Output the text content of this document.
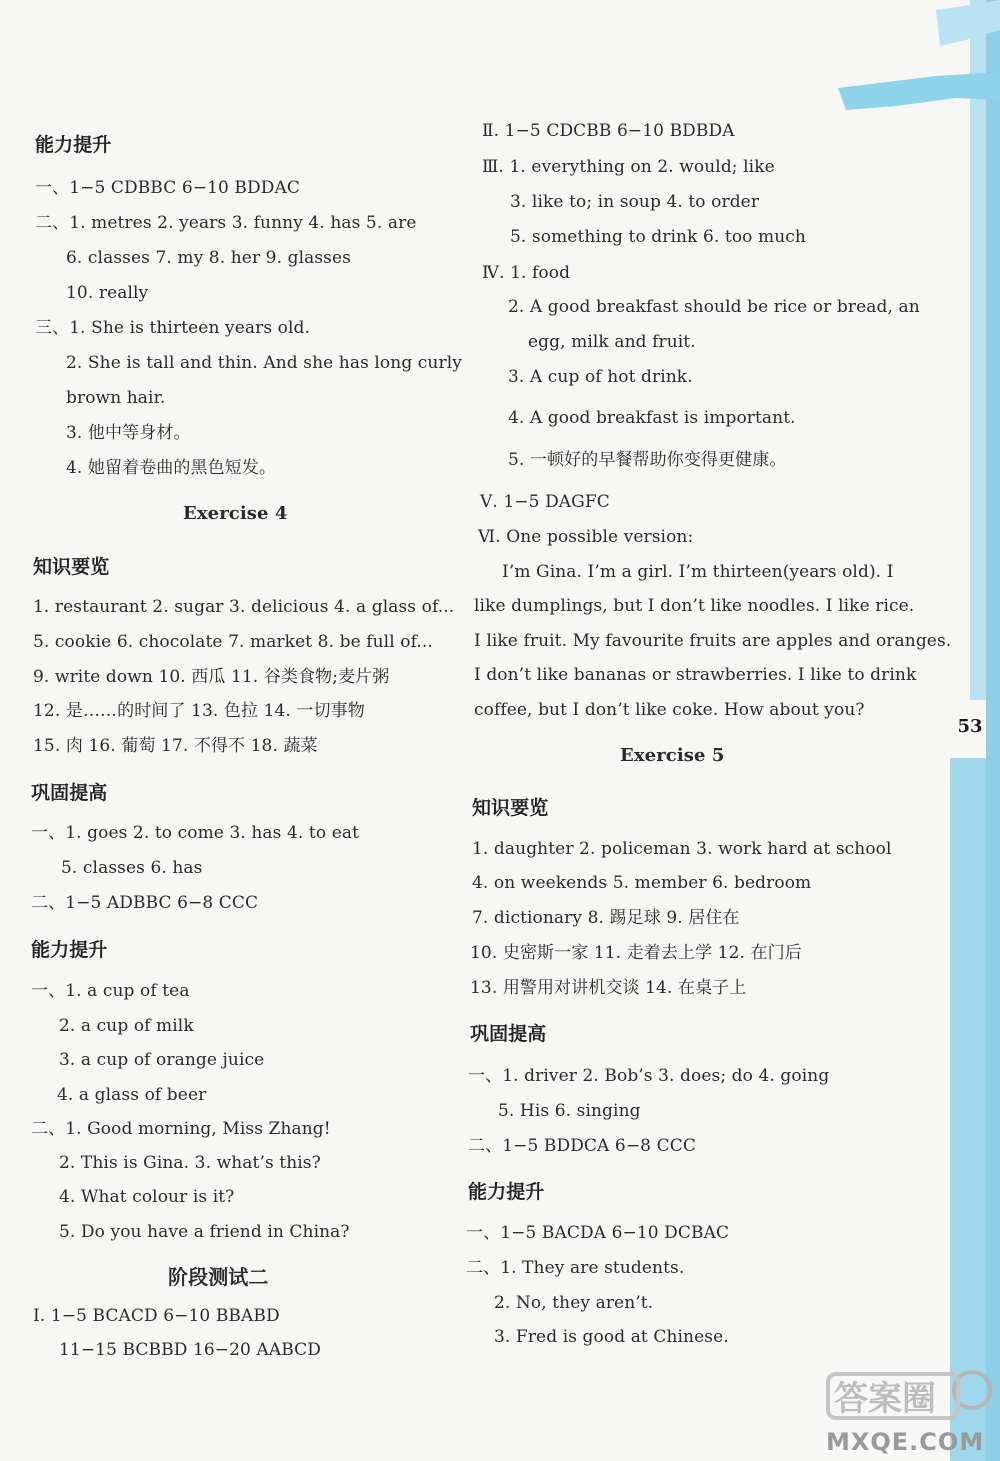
53
能力提升
一、1−5 CDBBC 6−10 BDDAC
二、1. metres 2. years 3. funny 4. has 5. are
6. classes 7. my 8. her 9. glasses
10. really
三、1. She is thirteen years old.
2. She is tall and thin. And she has long curly
brown hair.
3. 他中等身材。
4. 她留着卷曲的黑色短发。
Exercise 4
知识要览
1. restaurant 2. sugar 3. delicious 4. a glass of...
5. cookie 6. chocolate 7. market 8. be full of...
9. write down 10. 西瓜 11. 谷类食物;麦片粥
12. 是……的时间了 13. 色拉 14. 一切事物
15. 肉 16. 葡萄 17. 不得不 18. 蔬菜
巩固提高
一、1. goes 2. to come 3. has 4. to eat
5. classes 6. has
二、1−5 ADBBC 6−8 CCC
能力提升
一、1. a cup of tea
2. a cup of milk
3. a cup of orange juice
4. a glass of beer
二、1. Good morning, Miss Zhang!
2. This is Gina. 3. what’s this?
4. What colour is it?
5. Do you have a friend in China?
阶段测试二
Ⅰ. 1−5 BCACD 6−10 BBABD
11−15 BCBBD 16−20 AABCD
Ⅱ. 1−5 CDCBB 6−10 BDBDA
Ⅲ. 1. everything on 2. would; like
3. like to; in soup 4. to order
5. something to drink 6. too much
Ⅳ. 1. food
2. A good breakfast should be rice or bread, an
egg, milk and fruit.
3. A cup of hot drink.
4. A good breakfast is important.
5. 一顿好的早餐帮助你变得更健康。
Ⅴ. 1−5 DAGFC
Ⅵ. One possible version:
I’m Gina. I’m a girl. I’m thirteen(years old). I
like dumplings, but I don’t like noodles. I like rice.
I like fruit. My favourite fruits are apples and oranges.
I don’t like bananas or strawberries. I like to drink
coffee, but I don’t like coke. How about you?
Exercise 5
知识要览
1. daughter 2. policeman 3. work hard at school
4. on weekends 5. member 6. bedroom
7. dictionary 8. 踢足球 9. 居住在
10. 史密斯一家 11. 走着去上学 12. 在门后
13. 用警用对讲机交谈 14. 在桌子上
巩固提高
一、1. driver 2. Bob’s 3. does; do 4. going
5. His 6. singing
二、1−5 BDDCA 6−8 CCC
能力提升
一、1−5 BACDA 6−10 DCBAC
二、1. They are students.
2. No, they aren’t.
3. Fred is good at Chinese.
答案圈
MXQE.COM
